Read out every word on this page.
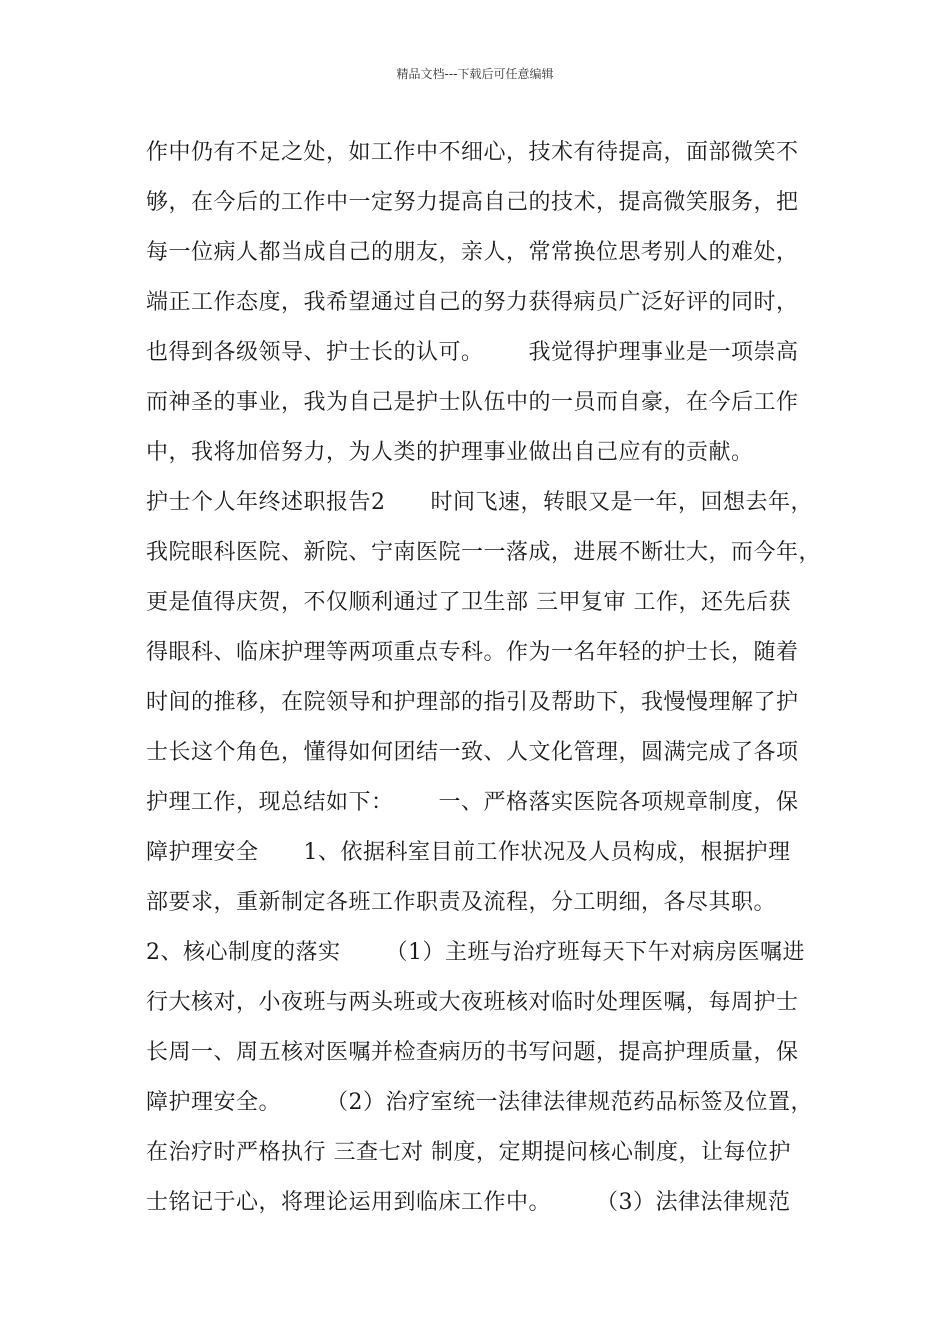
精品文档---下载后可任意编辑
作中仍有不足之处，如工作中不细心，技术有待提高，面部微笑不
够，在今后的工作中一定努力提高自己的技术，提高微笑服务，把
每一位病人都当成自己的朋友，亲人，常常换位思考别人的难处，
端正工作态度，我希望通过自己的努力获得病员广泛好评的同时，
也得到各级领导、护士长的认可。      我觉得护理事业是一项崇高
而神圣的事业，我为自己是护士队伍中的一员而自豪，在今后工作
中，我将加倍努力，为人类的护理事业做出自己应有的贡献。
护士个人年终述职报告2      时间飞速，转眼又是一年，回想去年，
我院眼科医院、新院、宁南医院一一落成，进展不断壮大，而今年，
更是值得庆贺，不仅顺利通过了卫生部 三甲复审 工作，还先后获
得眼科、临床护理等两项重点专科。作为一名年轻的护士长，随着
时间的推移，在院领导和护理部的指引及帮助下，我慢慢理解了护
士长这个角色，懂得如何团结一致、人文化管理，圆满完成了各项
护理工作，现总结如下：      一、严格落实医院各项规章制度，保
障护理安全      1、依据科室目前工作状况及人员构成，根据护理
部要求，重新制定各班工作职责及流程，分工明细，各尽其职。
2、核心制度的落实      （1）主班与治疗班每天下午对病房医嘱进
行大核对，小夜班与两头班或大夜班核对临时处理医嘱，每周护士
长周一、周五核对医嘱并检查病历的书写问题，提高护理质量，保
障护理安全。      （2）治疗室统一法律法律规范药品标签及位置，
在治疗时严格执行 三查七对 制度，定期提问核心制度，让每位护
士铭记于心，将理论运用到临床工作中。      （3）法律法律规范
